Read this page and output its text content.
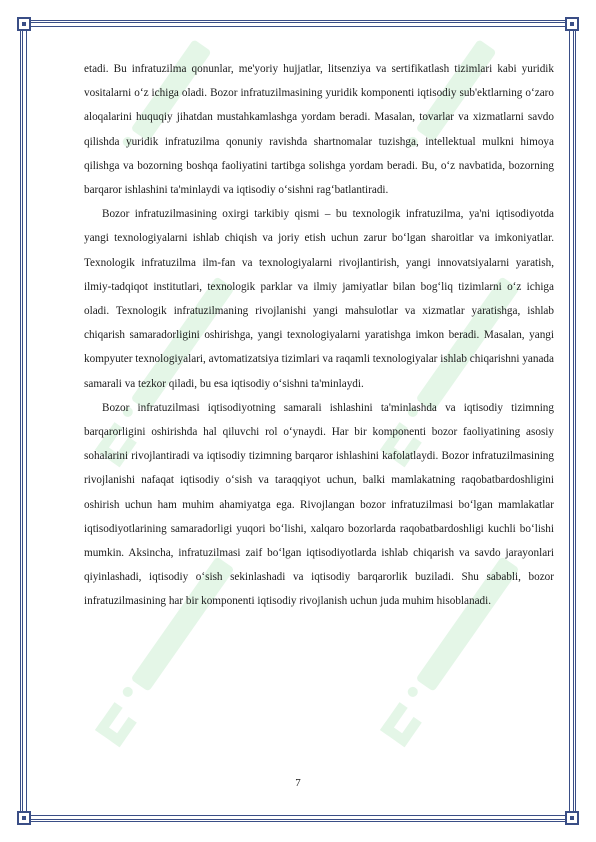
etadi. Bu infratuzilma qonunlar, me'yoriy hujjatlar, litsenziya va sertifikatlash tizimlari kabi yuridik vositalarni o‘z ichiga oladi. Bozor infratuzilmasining yuridik komponenti iqtisodiy sub'ektlarning o‘zaro aloqalarini huquqiy jihatdan mustahkamlashga yordam beradi. Masalan, tovarlar va xizmatlarni savdo qilishda yuridik infratuzilma qonuniy ravishda shartnomalar tuzishga, intellektual mulkni himoya qilishga va bozorning boshqa faoliyatini tartibga solishga yordam beradi. Bu, o‘z navbatida, bozorning barqaror ishlashini ta'minlaydi va iqtisodiy o‘sishni rag‘batlantiradi.

Bozor infratuzilmasining oxirgi tarkibiy qismi – bu texnologik infratuzilma, ya'ni iqtisodiyotda yangi texnologiyalarni ishlab chiqish va joriy etish uchun zarur bo‘lgan sharoitlar va imkoniyatlar. Texnologik infratuzilma ilm-fan va texnologiyalarni rivojlantirish, yangi innovatsiyalarni yaratish, ilmiy-tadqiqot institutlari, texnologik parklar va ilmiy jamiyatlar bilan bog‘liq tizimlarni o‘z ichiga oladi. Texnologik infratuzilmaning rivojlanishi yangi mahsulotlar va xizmatlar yaratishga, ishlab chiqarish samaradorligini oshirishga, yangi texnologiyalarni yaratishga imkon beradi. Masalan, yangi kompyuter texnologiyalari, avtomatizatsiya tizimlari va raqamli texnologiyalar ishlab chiqarishni yanada samarali va tezkor qiladi, bu esa iqtisodiy o‘sishni ta'minlaydi.

Bozor infratuzilmasi iqtisodiyotning samarali ishlashini ta'minlashda va iqtisodiy tizimning barqarorligini oshirishda hal qiluvchi rol o‘ynaydi. Har bir komponenti bozor faoliyatining asosiy sohalarini rivojlantiradi va iqtisodiy tizimning barqaror ishlashini kafolatlaydi. Bozor infratuzilmasining rivojlanishi nafaqat iqtisodiy o‘sish va taraqqiyot uchun, balki mamlakatning raqobatbardoshligini oshirish uchun ham muhim ahamiyatga ega. Rivojlangan bozor infratuzilmasi bo‘lgan mamlakatlar iqtisodiyotlarining samaradorligi yuqori bo‘lishi, xalqaro bozorlarda raqobatbardoshligi kuchli bo‘lishi mumkin. Aksincha, infratuzilmasi zaif bo‘lgan iqtisodiyotlarda ishlab chiqarish va savdo jarayonlari qiyinlashadi, iqtisodiy o‘sish sekinlashadi va iqtisodiy barqarorlik buziladi. Shu sababli, bozor infratuzilmasining har bir komponenti iqtisodiy rivojlanish uchun juda muhim hisoblanadi.

7
